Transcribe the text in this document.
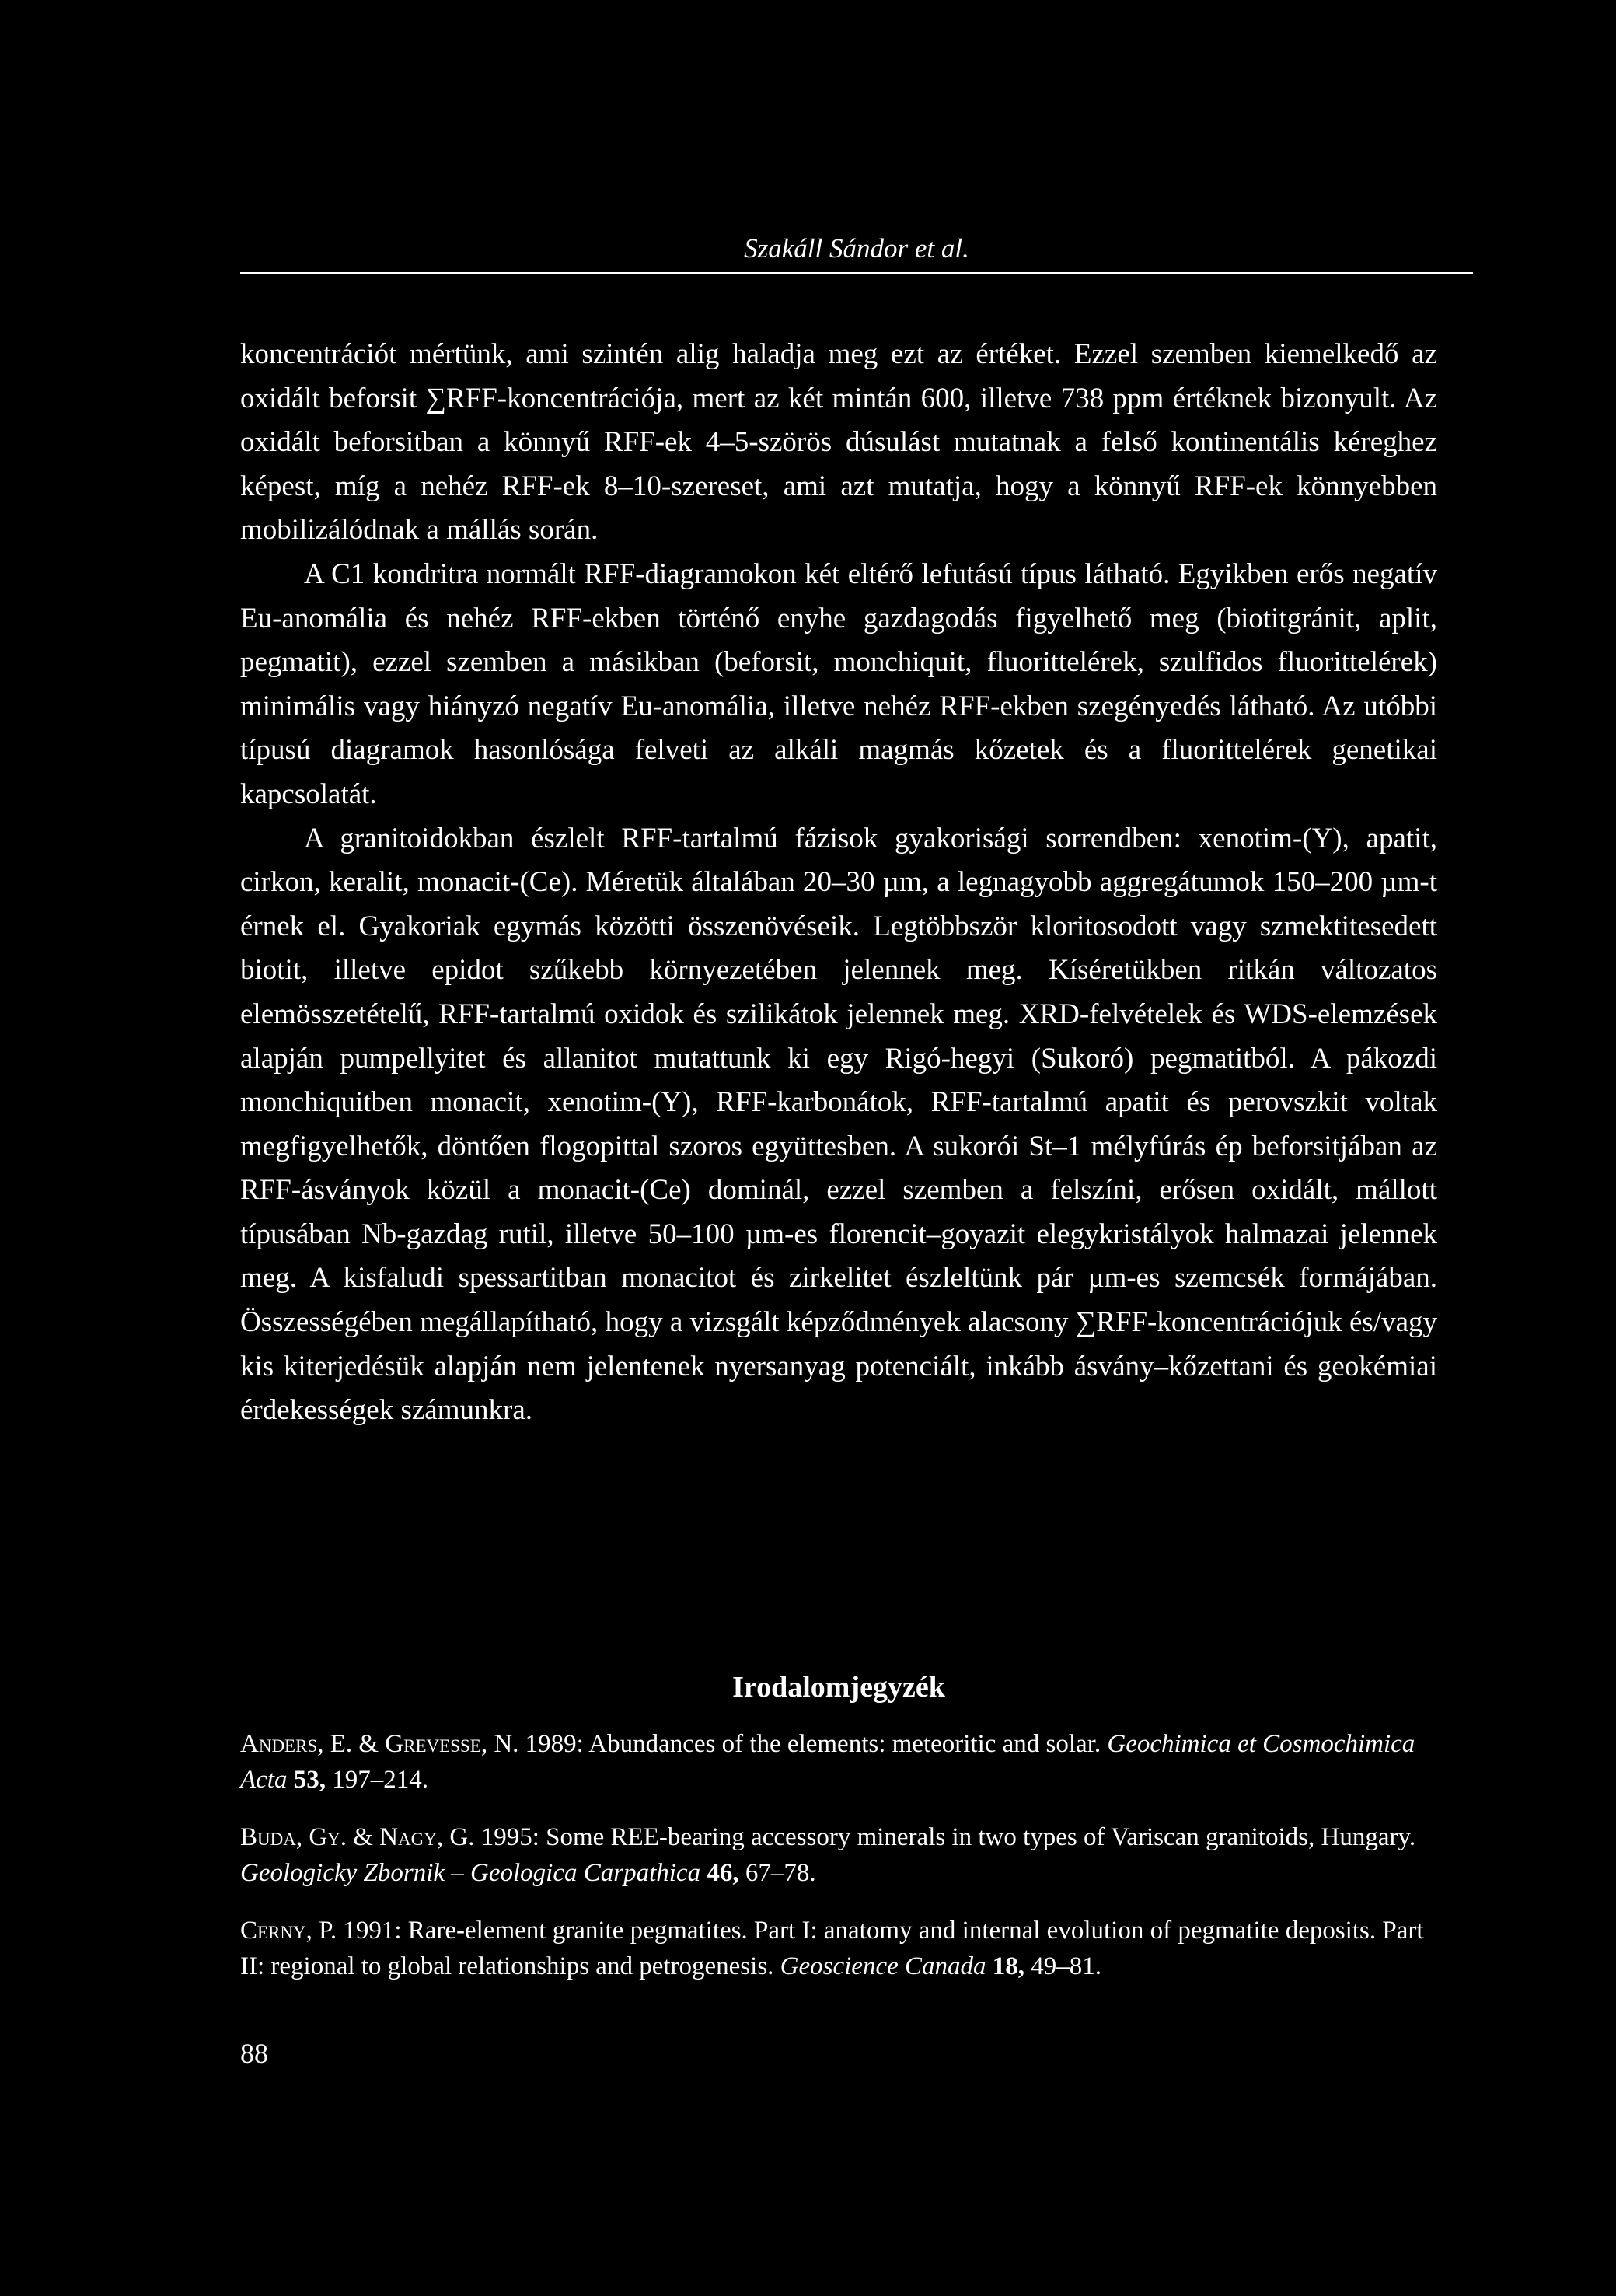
Szakáll Sándor et al.

koncentrációt mértünk, ami szintén alig haladja meg ezt az értéket. Ezzel szemben kiemelkedő az oxidált beforsit ∑RFF-koncentrációja, mert az két mintán 600, illetve 738 ppm értéknek bizonyult. Az oxidált beforsitban a könnyű RFF-ek 4–5-szörös dúsulást mutatnak a felső kontinentális kéreghez képest, míg a nehéz RFF-ek 8–10-szereset, ami azt mutatja, hogy a könnyű RFF-ek könnyebben mobilizálódnak a mállás során.

A C1 kondritra normált RFF-diagramokon két eltérő lefutású típus látható. Egyikben erős negatív Eu-anomália és nehéz RFF-ekben történő enyhe gazdagodás figyelhető meg (biotitgránit, aplit, pegmatit), ezzel szemben a másikban (beforsit, monchiquit, fluorittelérek, szulfidos fluorittelérek) minimális vagy hiányzó negatív Eu-anomália, illetve nehéz RFF-ekben szegényedés látható. Az utóbbi típusú diagramok hasonlósága felveti az alkáli magmás kőzetek és a fluorittelérek genetikai kapcsolatát.

A granitoidokban észlelt RFF-tartalmú fázisok gyakorisági sorrendben: xenotim-(Y), apatit, cirkon, keralit, monacit-(Ce). Méretük általában 20–30 µm, a legnagyobb aggregátumok 150–200 µm-t érnek el. Gyakoriak egymás közötti összenövéseik. Legtöbbször kloritosodott vagy szmektitesedett biotit, illetve epidot szűkebb környezetében jelennek meg. Kíséretükben ritkán változatos elemösszetételű, RFF-tartalmú oxidok és szilikátok jelennek meg. XRD-felvételek és WDS-elemzések alapján pumpellyitet és allanitot mutattunk ki egy Rigó-hegyi (Sukoró) pegmatitból. A pákozdi monchiquitben monacit, xenotim-(Y), RFF-karbonátok, RFF-tartalmú apatit és perovszkit voltak megfigyelhetők, döntően flogopittal szoros együttesben. A sukorói St–1 mélyfúrás ép beforsitjában az RFF-ásványok közül a monacit-(Ce) dominál, ezzel szemben a felszíni, erősen oxidált, mállott típusában Nb-gazdag rutil, illetve 50–100 µm-es florencit–goyazit elegykristályok halmazai jelennek meg. A kisfaludi spessartitban monacitot és zirkelitet észleltünk pár µm-es szemcsék formájában. Összességében megállapítható, hogy a vizsgált képződmények alacsony ∑RFF-koncentrációjuk és/vagy kis kiterjedésük alapján nem jelentenek nyersanyag potenciált, inkább ásvány–kőzettani és geokémiai érdekességek számunkra.

Irodalomjegyzék

Anders, E. & Grevesse, N. 1989: Abundances of the elements: meteoritic and solar. Geochimica et Cosmochimica Acta 53, 197–214.

Buda, Gy. & Nagy, G. 1995: Some REE-bearing accessory minerals in two types of Variscan granitoids, Hungary. Geologicky Zbornik – Geologica Carpathica 46, 67–78.

Cerny, P. 1991: Rare-element granite pegmatites. Part I: anatomy and internal evolution of pegmatite deposits. Part II: regional to global relationships and petrogenesis. Geoscience Canada 18, 49–81.

88
